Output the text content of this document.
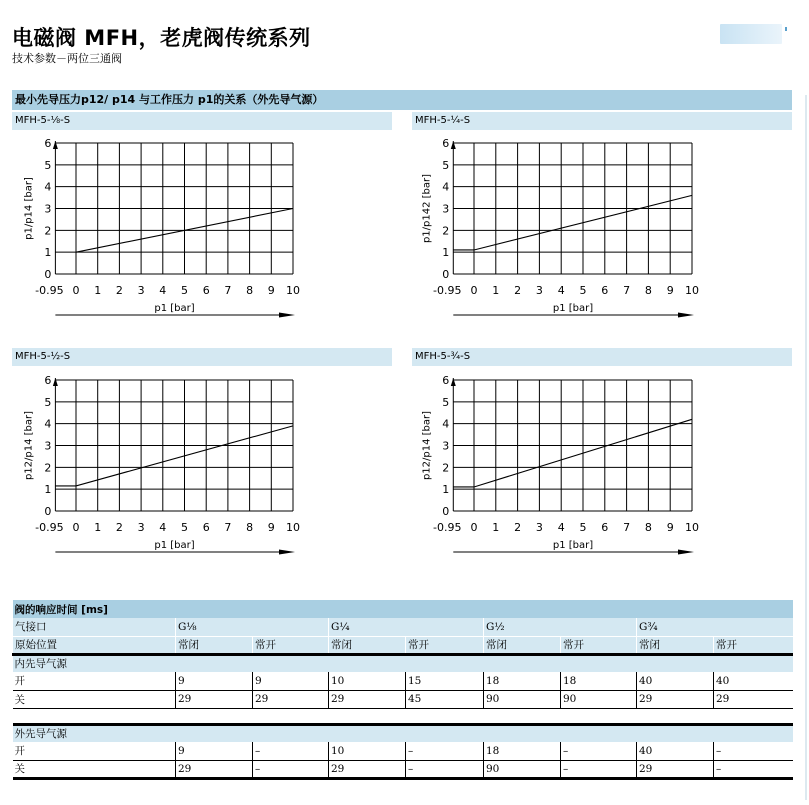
电磁阀 MFH，老虎阀传统系列
技术参数－两位三通阀
最小先导压力p12/ p14 与工作压力 p1的关系（外先导气源）
MFH-5-⅛-S	MFH-5-¼-S
MFH-5-½-S	MFH-5-¾-S
0
1
2
3
4
5
6
-0.95 0 1 2 3 4 5 6 7 8 9 10
p1 [bar]
p1/p14 [bar]
0
1
2
3
4
5
6
-0.95 0 1 2 3 4 5 6 7 8 9 10
p1 [bar]
p1/p142 [bar]
0
1
2
3
4
5
6
-0.95 0 1 2 3 4 5 6 7 8 9 10
p1 [bar]
p12/p14 [bar]
0
1
2
3
4
5
6
-0.95 0 1 2 3 4 5 6 7 8 9 10
p1 [bar]
p12/p14 [bar]
阀的响应时间 [ms]								
气接口	G⅛		G¼		G½		G¾	
原始位置	常闭	常开	常闭	常开	常闭	常开	常闭	常开
内先导气源								
开	9	9	10	15	18	18	40	40
关	29	29	29	45	90	90	29	29

外先导气源								
开	9	–	10	–	18	–	40	–
关	29	–	29	–	90	–	29	–
